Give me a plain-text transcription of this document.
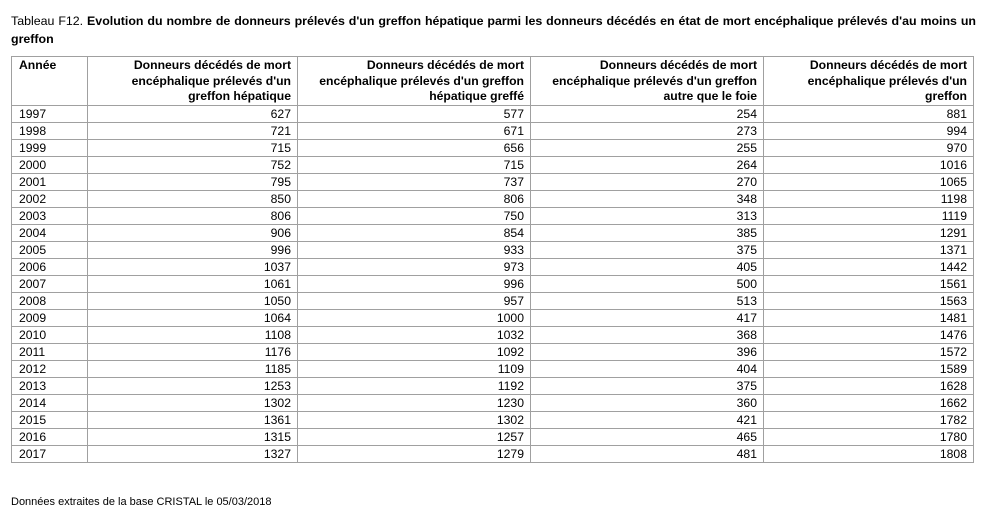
Tableau F12. Evolution du nombre de donneurs prélevés d'un greffon hépatique parmi les donneurs décédés en état de mort encéphalique prélevés d'au moins un greffon
Année	Donneurs décédés de mort encéphalique prélevés d'un greffon hépatique	Donneurs décédés de mort encéphalique prélevés d'un greffon hépatique greffé	Donneurs décédés de mort encéphalique prélevés d'un greffon autre que le foie	Donneurs décédés de mort encéphalique prélevés d'un greffon
1997	627	577	254	881
1998	721	671	273	994
1999	715	656	255	970
2000	752	715	264	1016
2001	795	737	270	1065
2002	850	806	348	1198
2003	806	750	313	1119
2004	906	854	385	1291
2005	996	933	375	1371
2006	1037	973	405	1442
2007	1061	996	500	1561
2008	1050	957	513	1563
2009	1064	1000	417	1481
2010	1108	1032	368	1476
2011	1176	1092	396	1572
2012	1185	1109	404	1589
2013	1253	1192	375	1628
2014	1302	1230	360	1662
2015	1361	1302	421	1782
2016	1315	1257	465	1780
2017	1327	1279	481	1808
Données extraites de la base CRISTAL le 05/03/2018
